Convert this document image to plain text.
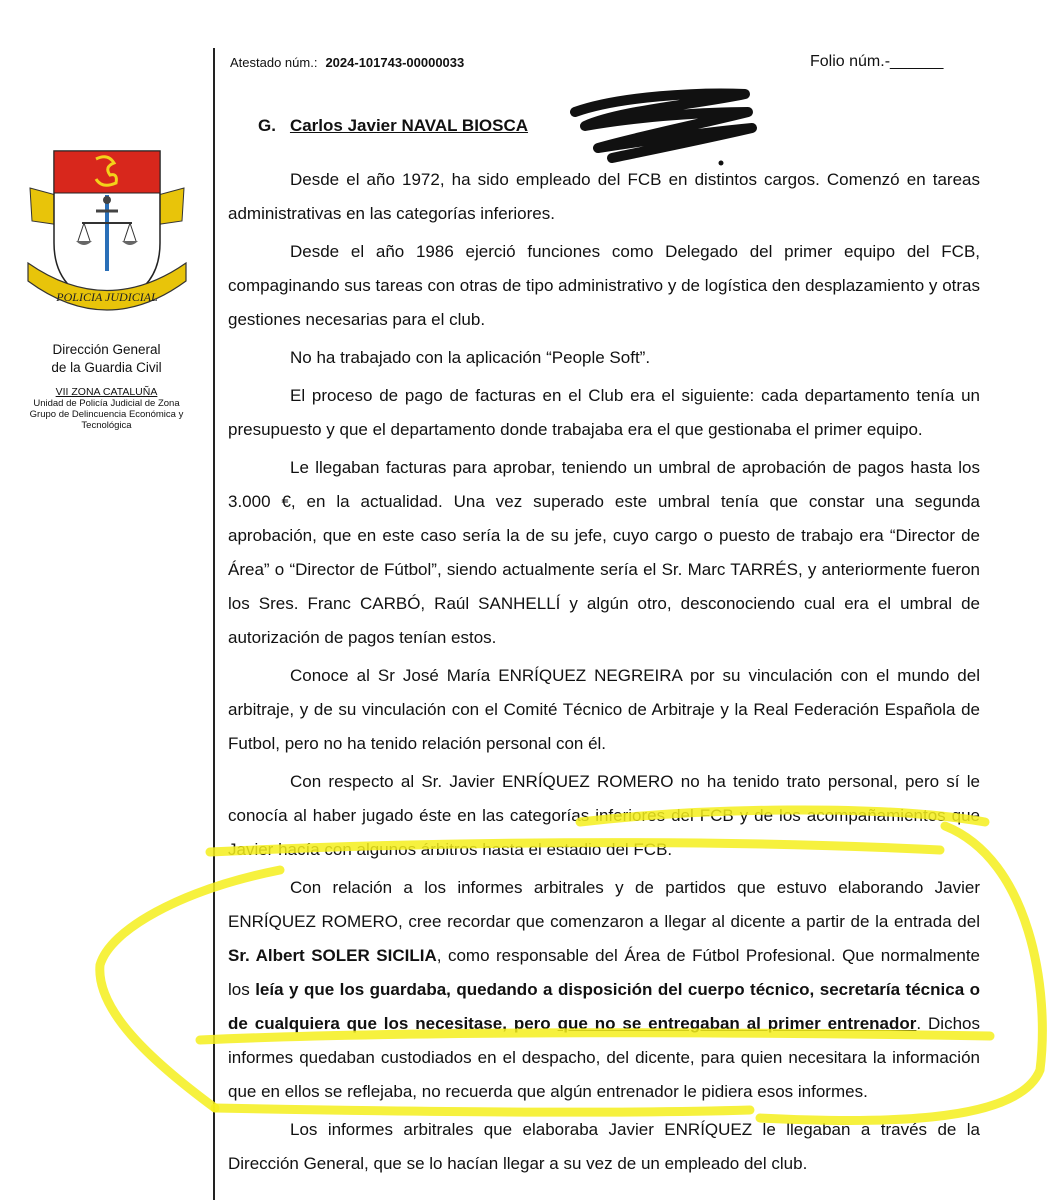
Atestado núm.: 2024-101743-00000033	Folio núm.-______
POLICIA JUDICIAL
Dirección General
de la Guardia Civil
VII ZONA CATALUÑA
Unidad de Policía Judicial de Zona
Grupo de Delincuencia Económica y
Tecnológica
G. Carlos Javier NAVAL BIOSCA

Desde el año 1972, ha sido empleado del FCB en distintos cargos. Comenzó en tareas administrativas en las categorías inferiores.

Desde el año 1986 ejerció funciones como Delegado del primer equipo del FCB, compaginando sus tareas con otras de tipo administrativo y de logística den desplazamiento y otras gestiones necesarias para el club.

No ha trabajado con la aplicación “People Soft”.

El proceso de pago de facturas en el Club era el siguiente: cada departamento tenía un presupuesto y que el departamento donde trabajaba era el que gestionaba el primer equipo.

Le llegaban facturas para aprobar, teniendo un umbral de aprobación de pagos hasta los 3.000 €, en la actualidad. Una vez superado este umbral tenía que constar una segunda aprobación, que en este caso sería la de su jefe, cuyo cargo o puesto de trabajo era “Director de Área” o “Director de Fútbol”, siendo actualmente sería el Sr. Marc TARRÉS, y anteriormente fueron los Sres. Franc CARBÓ, Raúl SANHELLÍ y algún otro, desconociendo cual era el umbral de autorización de pagos tenían estos.

Conoce al Sr José María ENRÍQUEZ NEGREIRA por su vinculación con el mundo del arbitraje, y de su vinculación con el Comité Técnico de Arbitraje y la Real Federación Española de Futbol, pero no ha tenido relación personal con él.

Con respecto al Sr. Javier ENRÍQUEZ ROMERO no ha tenido trato personal, pero sí le conocía al haber jugado éste en las categorías inferiores del FCB y de los acompañamientos que Javier hacía con algunos árbitros hasta el estadio del FCB.

Con relación a los informes arbitrales y de partidos que estuvo elaborando Javier ENRÍQUEZ ROMERO, cree recordar que comenzaron a llegar al dicente a partir de la entrada del Sr. Albert SOLER SICILIA, como responsable del Área de Fútbol Profesional. Que normalmente los leía y que los guardaba, quedando a disposición del cuerpo técnico, secretaría técnica o de cualquiera que los necesitase, pero que no se entregaban al primer entrenador. Dichos informes quedaban custodiados en el despacho, del dicente, para quien necesitara la información que en ellos se reflejaba, no recuerda que algún entrenador le pidiera esos informes.

Los informes arbitrales que elaboraba Javier ENRÍQUEZ le llegaban a través de la Dirección General, que se lo hacían llegar a su vez de un empleado del club.
